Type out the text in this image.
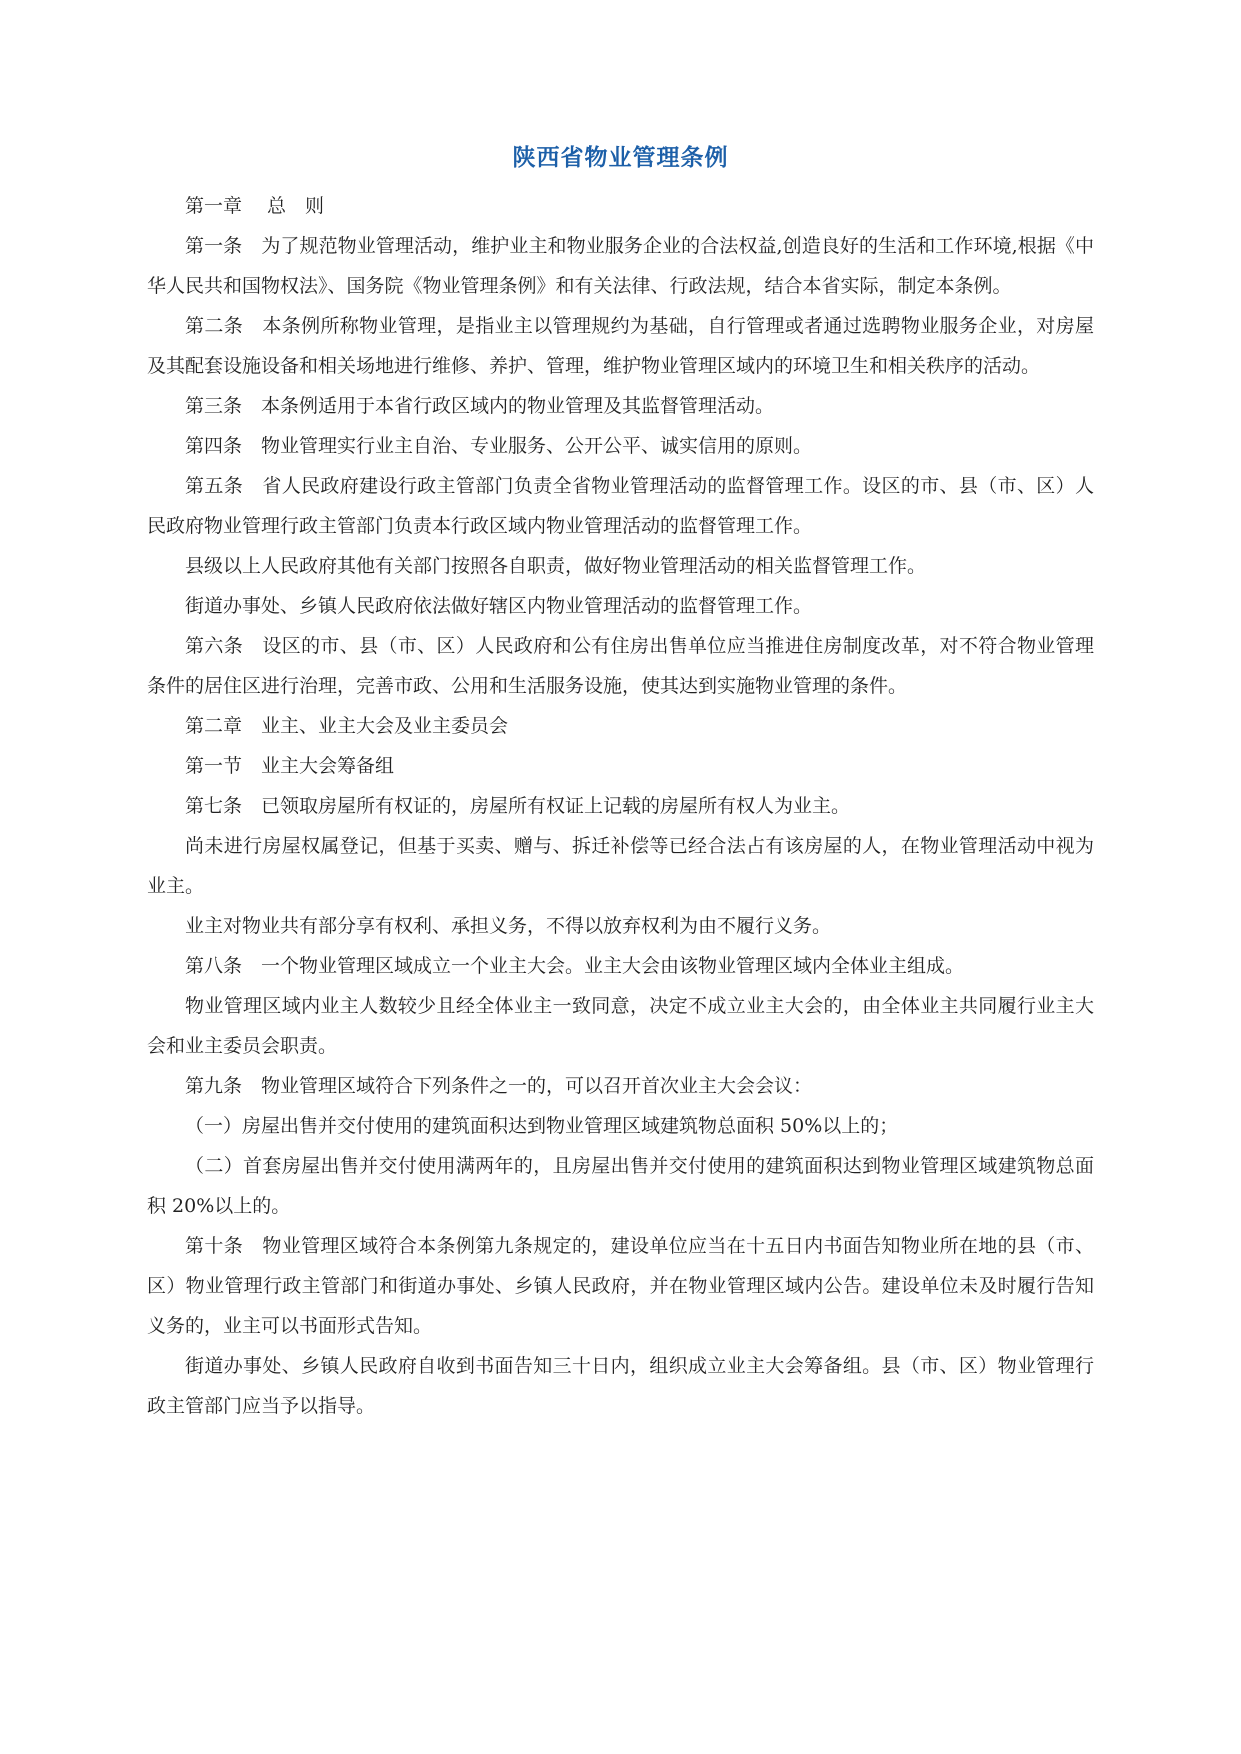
陕西省物业管理条例

第一章　 总　则

第一条　为了规范物业管理活动，维护业主和物业服务企业的合法权益,创造良好的生活和工作环境,根据《中华人民共和国物权法》、国务院《物业管理条例》和有关法律、行政法规，结合本省实际，制定本条例。

第二条　本条例所称物业管理，是指业主以管理规约为基础，自行管理或者通过选聘物业服务企业，对房屋及其配套设施设备和相关场地进行维修、养护、管理，维护物业管理区域内的环境卫生和相关秩序的活动。

第三条　本条例适用于本省行政区域内的物业管理及其监督管理活动。

第四条　物业管理实行业主自治、专业服务、公开公平、诚实信用的原则。

第五条　省人民政府建设行政主管部门负责全省物业管理活动的监督管理工作。设区的市、县（市、区）人民政府物业管理行政主管部门负责本行政区域内物业管理活动的监督管理工作。

县级以上人民政府其他有关部门按照各自职责，做好物业管理活动的相关监督管理工作。

街道办事处、乡镇人民政府依法做好辖区内物业管理活动的监督管理工作。

第六条　设区的市、县（市、区）人民政府和公有住房出售单位应当推进住房制度改革，对不符合物业管理条件的居住区进行治理，完善市政、公用和生活服务设施，使其达到实施物业管理的条件。

第二章　业主、业主大会及业主委员会

第一节　业主大会筹备组

第七条　已领取房屋所有权证的，房屋所有权证上记载的房屋所有权人为业主。

尚未进行房屋权属登记，但基于买卖、赠与、拆迁补偿等已经合法占有该房屋的人，在物业管理活动中视为业主。

业主对物业共有部分享有权利、承担义务，不得以放弃权利为由不履行义务。

第八条　一个物业管理区域成立一个业主大会。业主大会由该物业管理区域内全体业主组成。

物业管理区域内业主人数较少且经全体业主一致同意，决定不成立业主大会的，由全体业主共同履行业主大会和业主委员会职责。

第九条　物业管理区域符合下列条件之一的，可以召开首次业主大会会议：

（一）房屋出售并交付使用的建筑面积达到物业管理区域建筑物总面积 50%以上的；

（二）首套房屋出售并交付使用满两年的，且房屋出售并交付使用的建筑面积达到物业管理区域建筑物总面积 20%以上的。

第十条　物业管理区域符合本条例第九条规定的，建设单位应当在十五日内书面告知物业所在地的县（市、区）物业管理行政主管部门和街道办事处、乡镇人民政府，并在物业管理区域内公告。建设单位未及时履行告知义务的，业主可以书面形式告知。

街道办事处、乡镇人民政府自收到书面告知三十日内，组织成立业主大会筹备组。县（市、区）物业管理行政主管部门应当予以指导。
